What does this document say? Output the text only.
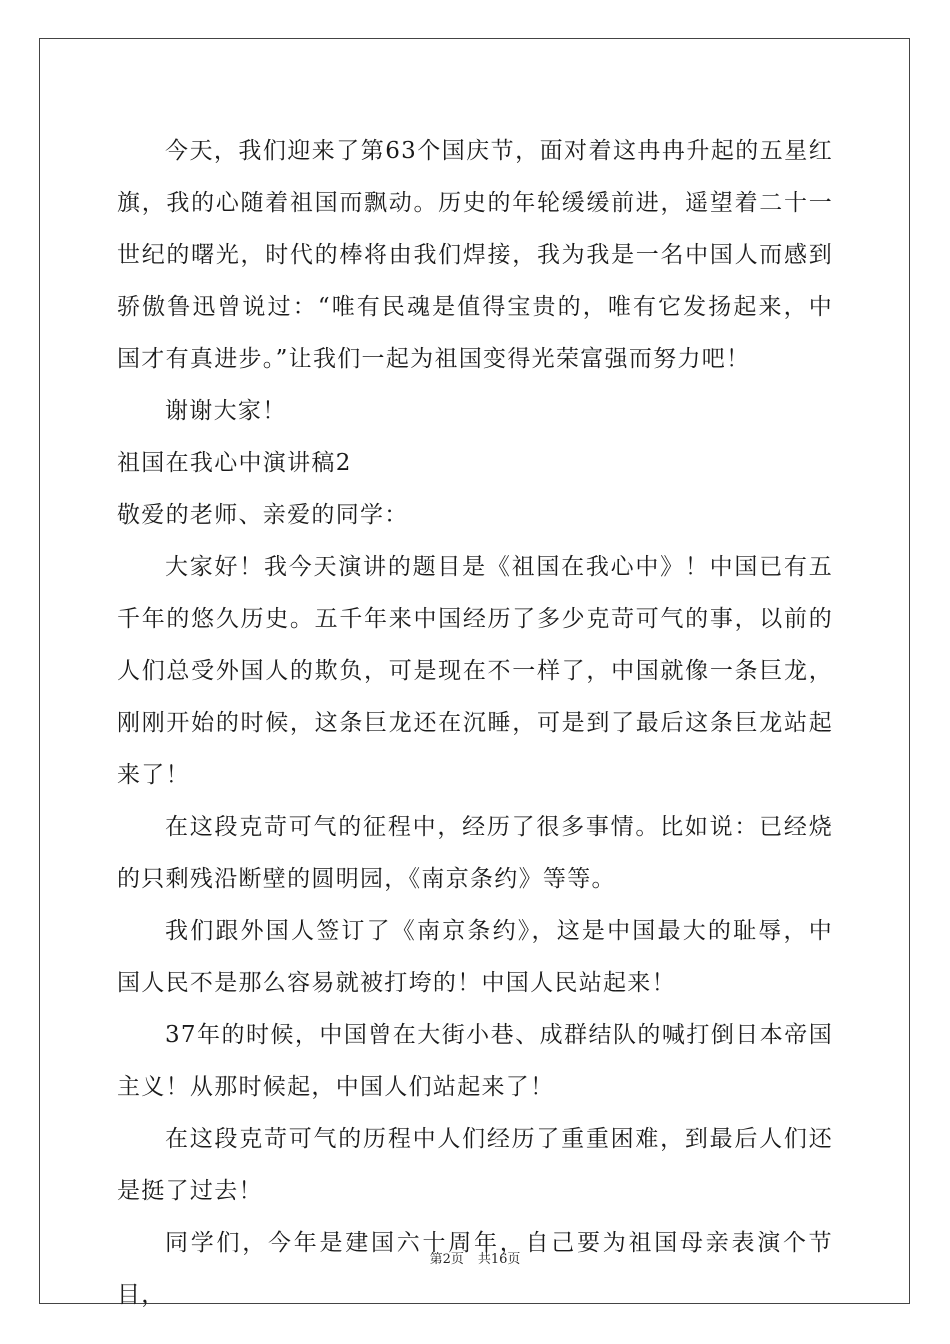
今天，我们迎来了第63个国庆节，面对着这冉冉升起的五星红旗，我的心随着祖国而飘动。历史的年轮缓缓前进，遥望着二十一世纪的曙光，时代的棒将由我们焊接，我为我是一名中国人而感到骄傲鲁迅曾说过：“唯有民魂是值得宝贵的，唯有它发扬起来，中国才有真进步。”让我们一起为祖国变得光荣富强而努力吧！

谢谢大家！

祖国在我心中演讲稿2

敬爱的老师、亲爱的同学：

大家好！我今天演讲的题目是《祖国在我心中》！中国已有五千年的悠久历史。五千年来中国经历了多少克苛可气的事，以前的人们总受外国人的欺负，可是现在不一样了，中国就像一条巨龙，刚刚开始的时候，这条巨龙还在沉睡，可是到了最后这条巨龙站起来了！

在这段克苛可气的征程中，经历了很多事情。比如说：已经烧的只剩残沿断壁的圆明园，《南京条约》等等。

我们跟外国人签订了《南京条约》，这是中国最大的耻辱，中国人民不是那么容易就被打垮的！中国人民站起来！

37年的时候，中国曾在大街小巷、成群结队的喊打倒日本帝国主义！从那时候起，中国人们站起来了！

在这段克苛可气的历程中人们经历了重重困难，到最后人们还是挺了过去！

同学们，今年是建国六十周年，自己要为祖国母亲表演个节目，

第2页 共16页
